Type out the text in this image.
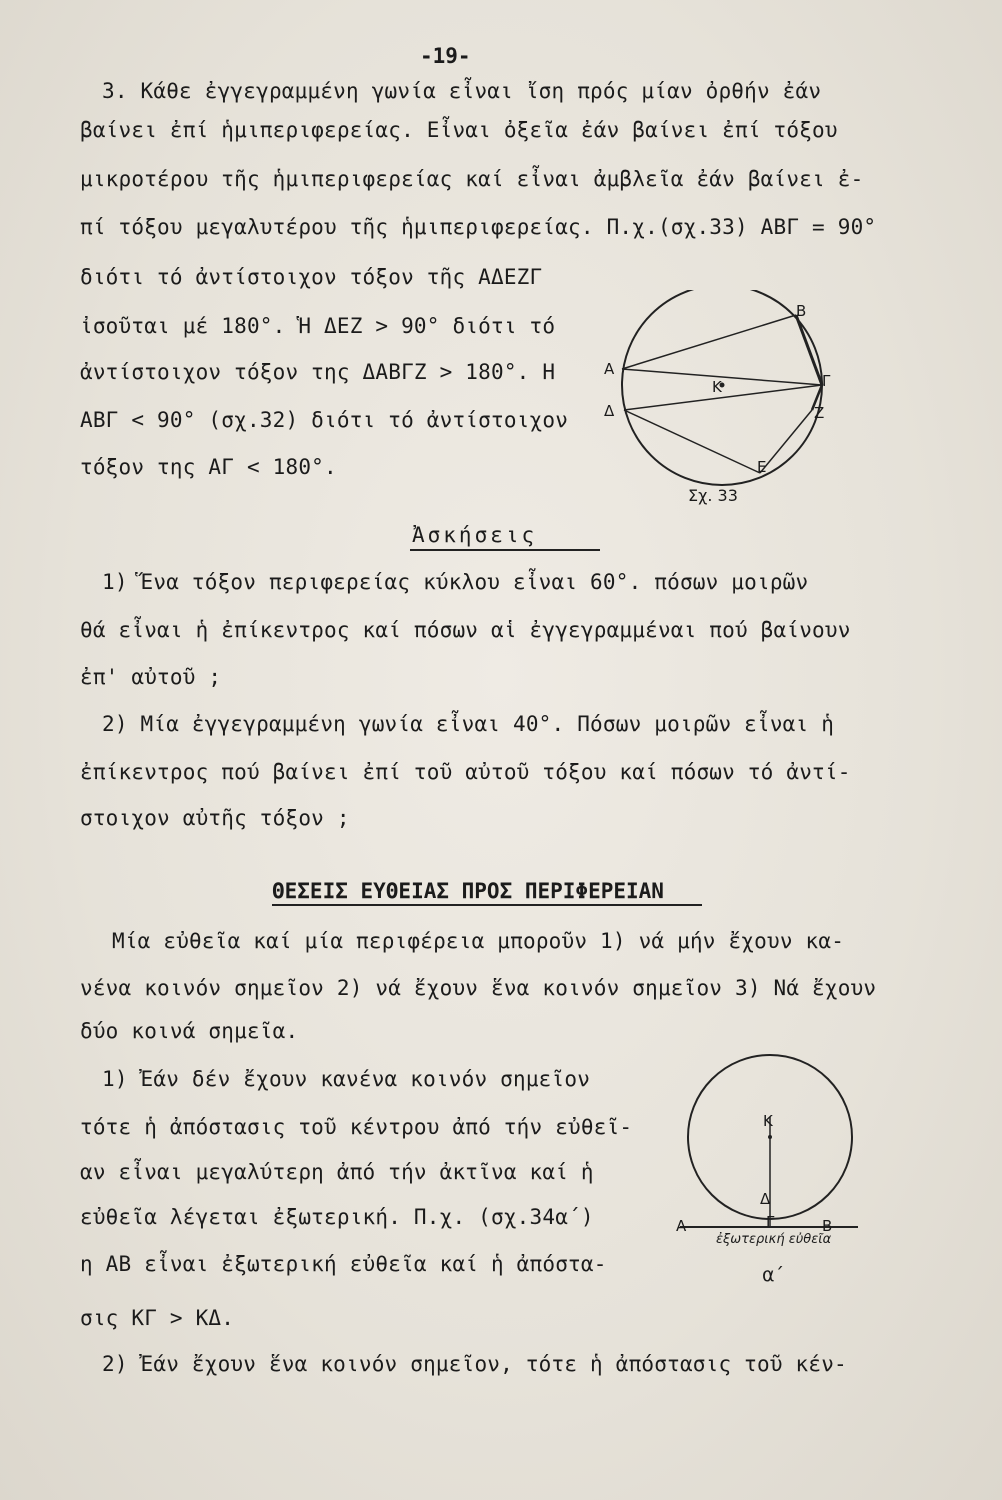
-19-
3. Κάθε ἐγγεγραμμένη γωνία εἶναι ἴση πρός μίαν ὀρθήν ἐάν
βαίνει ἐπί ἡμιπεριφερείας. Εἶναι ὀξεῖα ἐάν βαίνει ἐπί τόξου
μικροτέρου τῆς ἡμιπεριφερείας καί εἶναι ἀμβλεῖα ἐάν βαίνει ἐ-
πί τόξου μεγαλυτέρου τῆς ἡμιπεριφερείας. Π.χ.(σχ.33) ΑΒΓ = 90°
διότι τό ἀντίστοιχον τόξον τῆς ΑΔΕΖΓ
ἰσοῦται μέ 180°. Ἡ ΔΕΖ > 90° διότι τό
ἀντίστοιχον τόξον της ΔΑΒΓΖ > 180°. Η
ΑΒΓ < 90° (σχ.32) διότι τό ἀντίστοιχον
τόξον της ΑΓ < 180°.
Α
Β
Κ
Δ
Γ
Ζ
Ε
Σχ. 33
Ἀσκήσεις
1) Ἕνα τόξον περιφερείας κύκλου εἶναι 60°. πόσων μοιρῶν
θά εἶναι ἡ ἐπίκεντρος καί πόσων αἱ ἐγγεγραμμέναι πού βαίνουν
ἐπ' αὐτοῦ ;
2) Μία ἐγγεγραμμένη γωνία εἶναι 40°. Πόσων μοιρῶν εἶναι ἡ
ἐπίκεντρος πού βαίνει ἐπί τοῦ αὐτοῦ τόξου καί πόσων τό ἀντί-
στοιχον αὐτῆς τόξον ;
ΘΕΣΕΙΣ ΕΥΘΕΙΑΣ ΠΡΟΣ ΠΕΡΙΦΕΡΕΙΑΝ
Μία εὐθεῖα καί μία περιφέρεια μποροῦν 1) νά μήν ἔχουν κα-
νένα κοινόν σημεῖον 2) νά ἔχουν ἕνα κοινόν σημεῖον 3) Νά ἔχουν
δύο κοινά σημεῖα.
1) Ἐάν δέν ἔχουν κανένα κοινόν σημεῖον
τότε ἡ ἀπόστασις τοῦ κέντρου ἀπό τήν εὐθεῖ-
αν εἶναι μεγαλύτερη ἀπό τήν ἀκτῖνα καί ἡ
εὐθεῖα λέγεται ἐξωτερική. Π.χ. (σχ.34α΄)
η ΑΒ εἶναι ἐξωτερική εὐθεῖα καί ἡ ἀπόστα-
σις ΚΓ > ΚΔ.
2) Ἐάν ἔχουν ἕνα κοινόν σημεῖον, τότε ἡ ἀπόστασις τοῦ κέν-
Κ
Δ
Γ
Α	Β
ἐξωτερική εὐθεῖα
α΄
